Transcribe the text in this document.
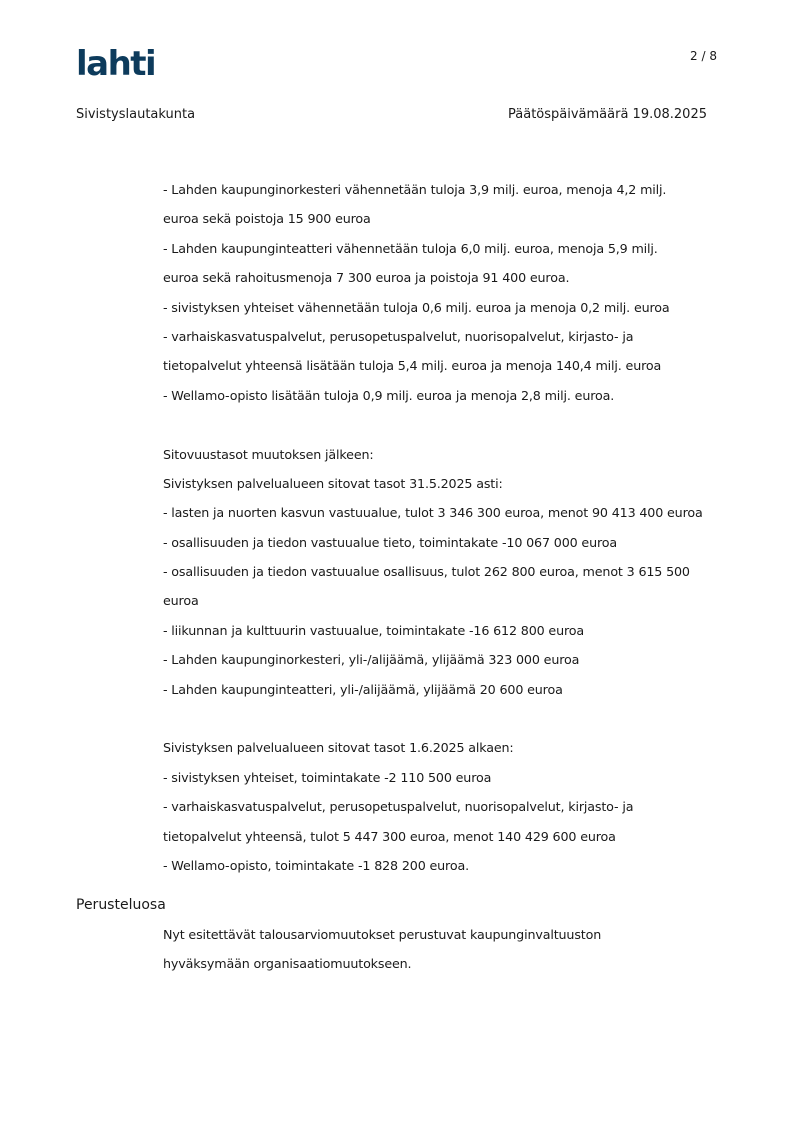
lahti	2 / 8
Sivistyslautakunta	Päätöspäivämäärä 19.08.2025
- Lahden kaupunginorkesteri vähennetään tuloja 3,9 milj. euroa, menoja 4,2 milj.
euroa sekä poistoja 15 900 euroa
- Lahden kaupunginteatteri vähennetään tuloja 6,0 milj. euroa, menoja 5,9 milj.
euroa sekä rahoitusmenoja 7 300 euroa ja poistoja 91 400 euroa.
- sivistyksen yhteiset vähennetään tuloja 0,6 milj. euroa ja menoja 0,2 milj. euroa
- varhaiskasvatuspalvelut, perusopetuspalvelut, nuorisopalvelut, kirjasto- ja
tietopalvelut yhteensä lisätään tuloja 5,4 milj. euroa ja menoja 140,4 milj. euroa
- Wellamo-opisto lisätään tuloja 0,9 milj. euroa ja menoja 2,8 milj. euroa.
Sitovuustasot muutoksen jälkeen:
Sivistyksen palvelualueen sitovat tasot 31.5.2025 asti:
- lasten ja nuorten kasvun vastuualue, tulot 3 346 300 euroa, menot 90 413 400 euroa
- osallisuuden ja tiedon vastuualue tieto, toimintakate -10 067 000 euroa
- osallisuuden ja tiedon vastuualue osallisuus, tulot 262 800 euroa, menot 3 615 500
euroa
- liikunnan ja kulttuurin vastuualue, toimintakate -16 612 800 euroa
- Lahden kaupunginorkesteri, yli-/alijäämä, ylijäämä 323 000 euroa
- Lahden kaupunginteatteri, yli-/alijäämä, ylijäämä 20 600 euroa
Sivistyksen palvelualueen sitovat tasot 1.6.2025 alkaen:
- sivistyksen yhteiset, toimintakate -2 110 500 euroa
- varhaiskasvatuspalvelut, perusopetuspalvelut, nuorisopalvelut, kirjasto- ja
tietopalvelut yhteensä, tulot 5 447 300 euroa, menot 140 429 600 euroa
- Wellamo-opisto, toimintakate -1 828 200 euroa.
Perusteluosa
Nyt esitettävät talousarviomuutokset perustuvat kaupunginvaltuuston
hyväksymään organisaatiomuutokseen.
